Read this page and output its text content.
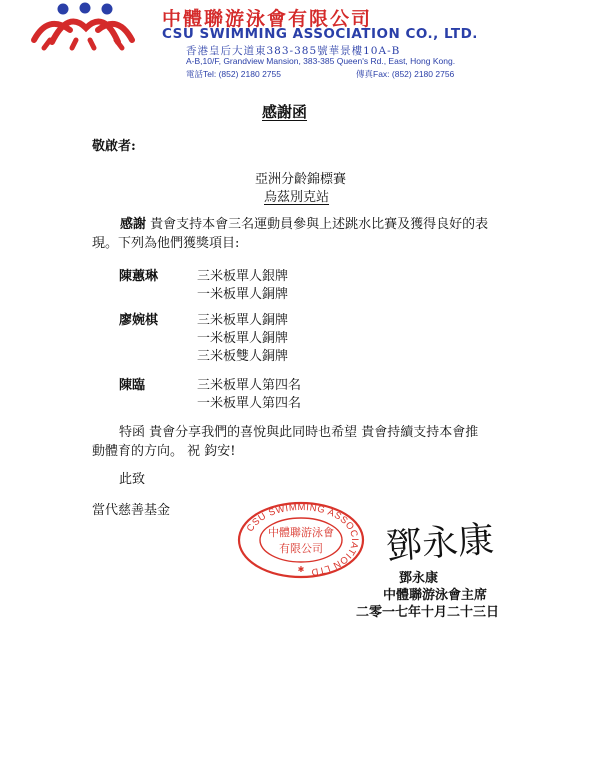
中體聯游泳會有限公司
CSU SWIMMING ASSOCIATION CO., LTD.
香港皇后大道東383-385號華景樓10A-B
A-B,10/F, Grandview Mansion, 383-385 Queen's Rd., East, Hong Kong.
電話Tel: (852) 2180 2755	傳真Fax: (852) 2180 2756
感謝函
敬啟者:
亞洲分齡錦標賽
烏茲別克站
感謝 貴會支持本會三名運動員參與上述跳水比賽及獲得良好的表
現。下列為他們獲獎項目:
陳蕙琳	三米板單人銀牌
一米板單人銅牌
廖婉棋	三米板單人銅牌
一米板單人銅牌
三米板雙人銅牌
陳臨	三米板單人第四名
一米板單人第四名
特函 貴會分享我們的喜悅與此同時也希望 貴會持續支持本會推
動體育的方向。 祝 鈞安!
此致
當代慈善基金
CSU SWIMMING ASSOCIATION LTD
中體聯游泳會
有限公司
✱
鄧永康
鄧永康
中體聯游泳會主席
二零一七年十月二十三日
